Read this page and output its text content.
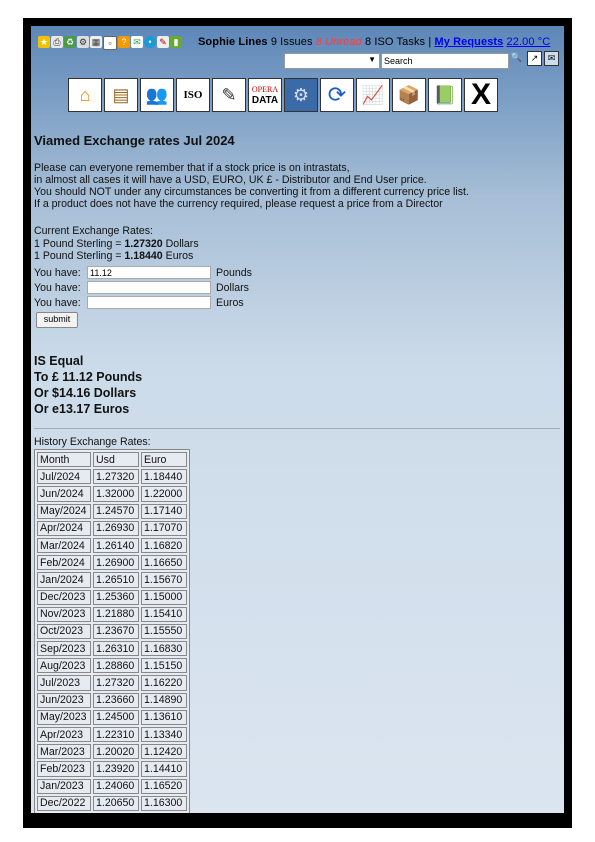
★ ⎙ ♻ ⚙ ▦ ▫	? ✉ • ✎ ▮	Sophie Lines 9 Issues 8 Unread 8 ISO Tasks | My Requests 22.00 °C
▼ Search	🔍 ↗	✉
⌂ ▤ 👥 ISO ✎ OPERA
DATA ⚙ ⟳ 📈 📦 📗 X
Viamed Exchange rates Jul 2024
Please can everyone remember that if a stock price is on intrastats,
in almost all cases it will have a USD, EURO, UK £ - Distributor and End User price.
You should NOT under any circumstances be converting it from a different currency price list.
If a product does not have the currency required, please request a price from a Director
Current Exchange Rates:
1 Pound Sterling = 1.27320 Dollars
1 Pound Sterling = 1.18440 Euros
You have:	11.12	Pounds
You have:	Dollars
You have:	Euros
submit
IS Equal
To £ 11.12 Pounds
Or $14.16 Dollars
Or e13.17 Euros
History Exchange Rates:
Month	Usd	Euro
Jul/2024	1.27320	1.18440
Jun/2024	1.32000	1.22000
May/2024	1.24570	1.17140
Apr/2024	1.26930	1.17070
Mar/2024	1.26140	1.16820
Feb/2024	1.26900	1.16650
Jan/2024	1.26510	1.15670
Dec/2023	1.25360	1.15000
Nov/2023	1.21880	1.15410
Oct/2023	1.23670	1.15550
Sep/2023	1.26310	1.16830
Aug/2023	1.28860	1.15150
Jul/2023	1.27320	1.16220
Jun/2023	1.23660	1.14890
May/2023	1.24500	1.13610
Apr/2023	1.22310	1.13340
Mar/2023	1.20020	1.12420
Feb/2023	1.23920	1.14410
Jan/2023	1.24060	1.16520
Dec/2022	1.20650	1.16300
